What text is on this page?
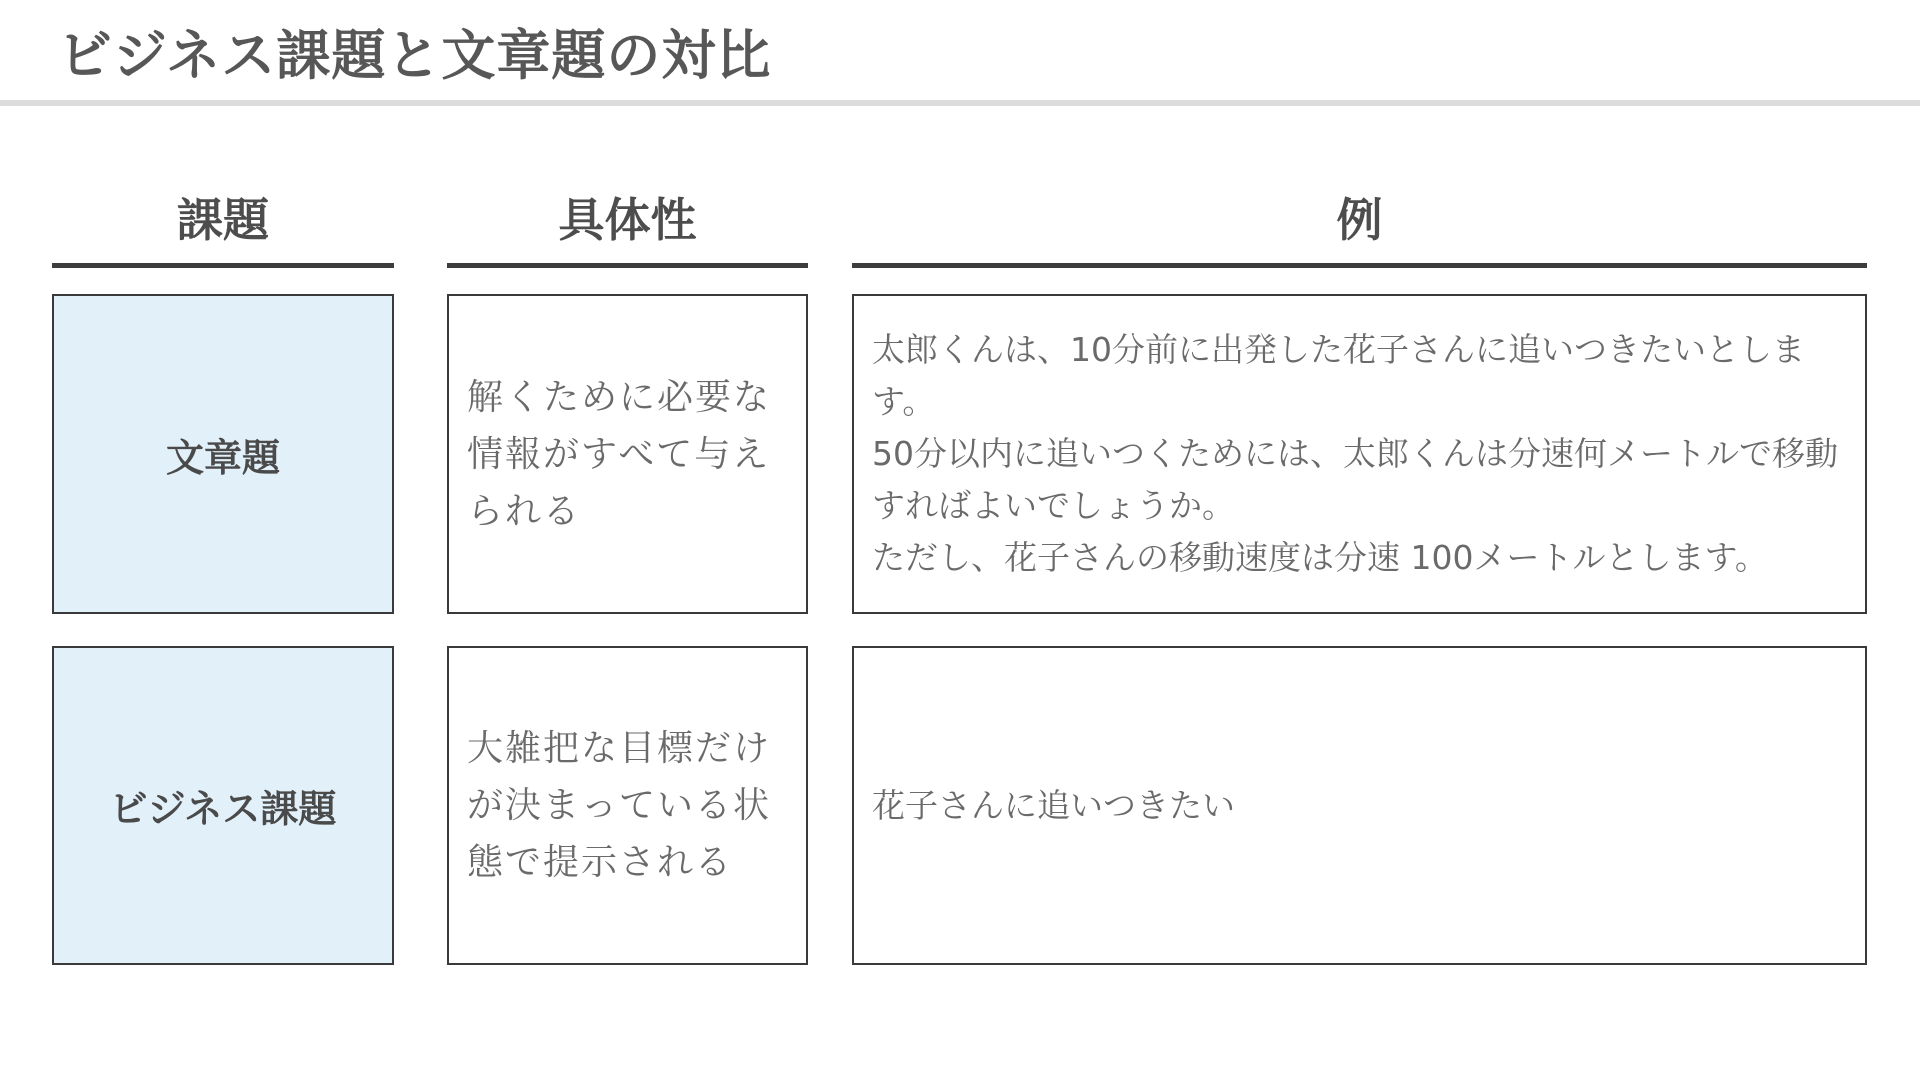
ビジネス課題と文章題の対比
課題	具体性	例
文章題
解くために必要な情報がすべて与えられる
太郎くんは、10分前に出発した花子さんに追いつきたいとします。
50分以内に追いつくためには、太郎くんは分速何メートルで移動すればよいでしょうか。
ただし、花子さんの移動速度は分速 100メートルとします。
ビジネス課題
大雑把な目標だけが決まっている状態で提示される
花子さんに追いつきたい
